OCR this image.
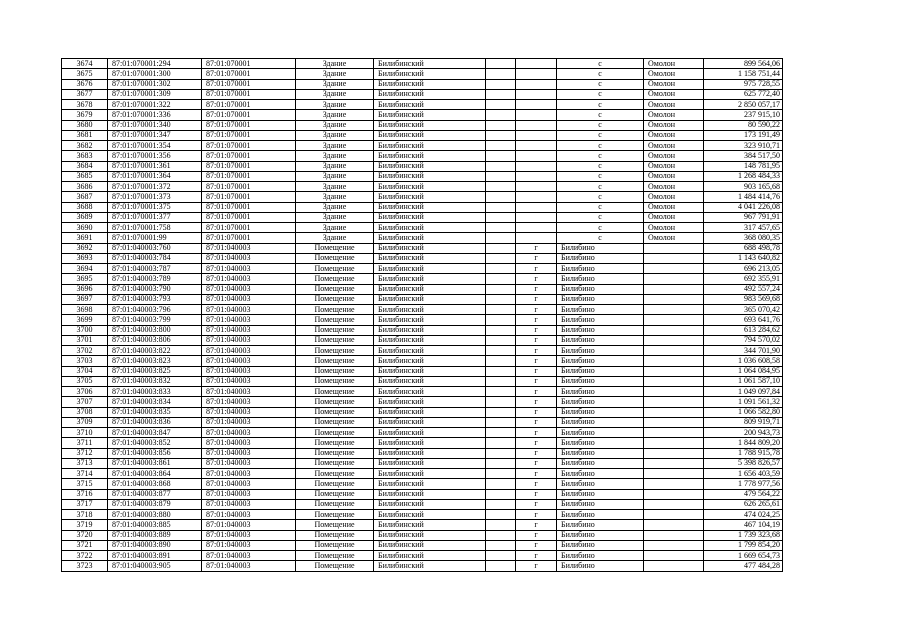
3674	87:01:070001:294	87:01:070001	Здание	Билибинский			с	Омолон	899 564,06
3675	87:01:070001:300	87:01:070001	Здание	Билибинский			с	Омолон	1 158 751,44
3676	87:01:070001:302	87:01:070001	Здание	Билибинский			с	Омолон	975 728,55
3677	87:01:070001:309	87:01:070001	Здание	Билибинский			с	Омолон	625 772,40
3678	87:01:070001:322	87:01:070001	Здание	Билибинский			с	Омолон	2 850 057,17
3679	87:01:070001:336	87:01:070001	Здание	Билибинский			с	Омолон	237 915,10
3680	87:01:070001:340	87:01:070001	Здание	Билибинский			с	Омолон	80 590,22
3681	87:01:070001:347	87:01:070001	Здание	Билибинский			с	Омолон	173 191,49
3682	87:01:070001:354	87:01:070001	Здание	Билибинский			с	Омолон	323 910,71
3683	87:01:070001:356	87:01:070001	Здание	Билибинский			с	Омолон	384 517,50
3684	87:01:070001:361	87:01:070001	Здание	Билибинский			с	Омолон	148 781,95
3685	87:01:070001:364	87:01:070001	Здание	Билибинский			с	Омолон	1 268 484,33
3686	87:01:070001:372	87:01:070001	Здание	Билибинский			с	Омолон	903 165,68
3687	87:01:070001:373	87:01:070001	Здание	Билибинский			с	Омолон	1 484 414,76
3688	87:01:070001:375	87:01:070001	Здание	Билибинский			с	Омолон	4 041 226,08
3689	87:01:070001:377	87:01:070001	Здание	Билибинский			с	Омолон	967 791,91
3690	87:01:070001:758	87:01:070001	Здание	Билибинский			с	Омолон	317 457,65
3691	87:01:070001:99	87:01:070001	Здание	Билибинский			с	Омолон	368 080,35
3692	87:01:040003:760	87:01:040003	Помещение	Билибинский		г	Билибино		688 498,78
3693	87:01:040003:784	87:01:040003	Помещение	Билибинский		г	Билибино		1 143 640,82
3694	87:01:040003:787	87:01:040003	Помещение	Билибинский		г	Билибино		696 213,05
3695	87:01:040003:789	87:01:040003	Помещение	Билибинский		г	Билибино		692 355,91
3696	87:01:040003:790	87:01:040003	Помещение	Билибинский		г	Билибино		492 557,24
3697	87:01:040003:793	87:01:040003	Помещение	Билибинский		г	Билибино		983 569,68
3698	87:01:040003:796	87:01:040003	Помещение	Билибинский		г	Билибино		365 070,42
3699	87:01:040003:799	87:01:040003	Помещение	Билибинский		г	Билибино		693 641,76
3700	87:01:040003:800	87:01:040003	Помещение	Билибинский		г	Билибино		613 284,62
3701	87:01:040003:806	87:01:040003	Помещение	Билибинский		г	Билибино		794 570,02
3702	87:01:040003:822	87:01:040003	Помещение	Билибинский		г	Билибино		344 701,90
3703	87:01:040003:823	87:01:040003	Помещение	Билибинский		г	Билибино		1 036 608,58
3704	87:01:040003:825	87:01:040003	Помещение	Билибинский		г	Билибино		1 064 084,95
3705	87:01:040003:832	87:01:040003	Помещение	Билибинский		г	Билибино		1 061 587,10
3706	87:01:040003:833	87:01:040003	Помещение	Билибинский		г	Билибино		1 049 097,84
3707	87:01:040003:834	87:01:040003	Помещение	Билибинский		г	Билибино		1 091 561,32
3708	87:01:040003:835	87:01:040003	Помещение	Билибинский		г	Билибино		1 066 582,80
3709	87:01:040003:836	87:01:040003	Помещение	Билибинский		г	Билибино		809 919,71
3710	87:01:040003:847	87:01:040003	Помещение	Билибинский		г	Билибино		200 943,73
3711	87:01:040003:852	87:01:040003	Помещение	Билибинский		г	Билибино		1 844 809,20
3712	87:01:040003:856	87:01:040003	Помещение	Билибинский		г	Билибино		1 788 915,78
3713	87:01:040003:861	87:01:040003	Помещение	Билибинский		г	Билибино		5 398 826,57
3714	87:01:040003:864	87:01:040003	Помещение	Билибинский		г	Билибино		1 656 403,59
3715	87:01:040003:868	87:01:040003	Помещение	Билибинский		г	Билибино		1 778 977,56
3716	87:01:040003:877	87:01:040003	Помещение	Билибинский		г	Билибино		479 564,22
3717	87:01:040003:879	87:01:040003	Помещение	Билибинский		г	Билибино		626 265,61
3718	87:01:040003:880	87:01:040003	Помещение	Билибинский		г	Билибино		474 024,25
3719	87:01:040003:885	87:01:040003	Помещение	Билибинский		г	Билибино		467 104,19
3720	87:01:040003:889	87:01:040003	Помещение	Билибинский		г	Билибино		1 739 323,68
3721	87:01:040003:890	87:01:040003	Помещение	Билибинский		г	Билибино		1 799 854,20
3722	87:01:040003:891	87:01:040003	Помещение	Билибинский		г	Билибино		1 669 654,73
3723	87:01:040003:905	87:01:040003	Помещение	Билибинский		г	Билибино		477 484,28
